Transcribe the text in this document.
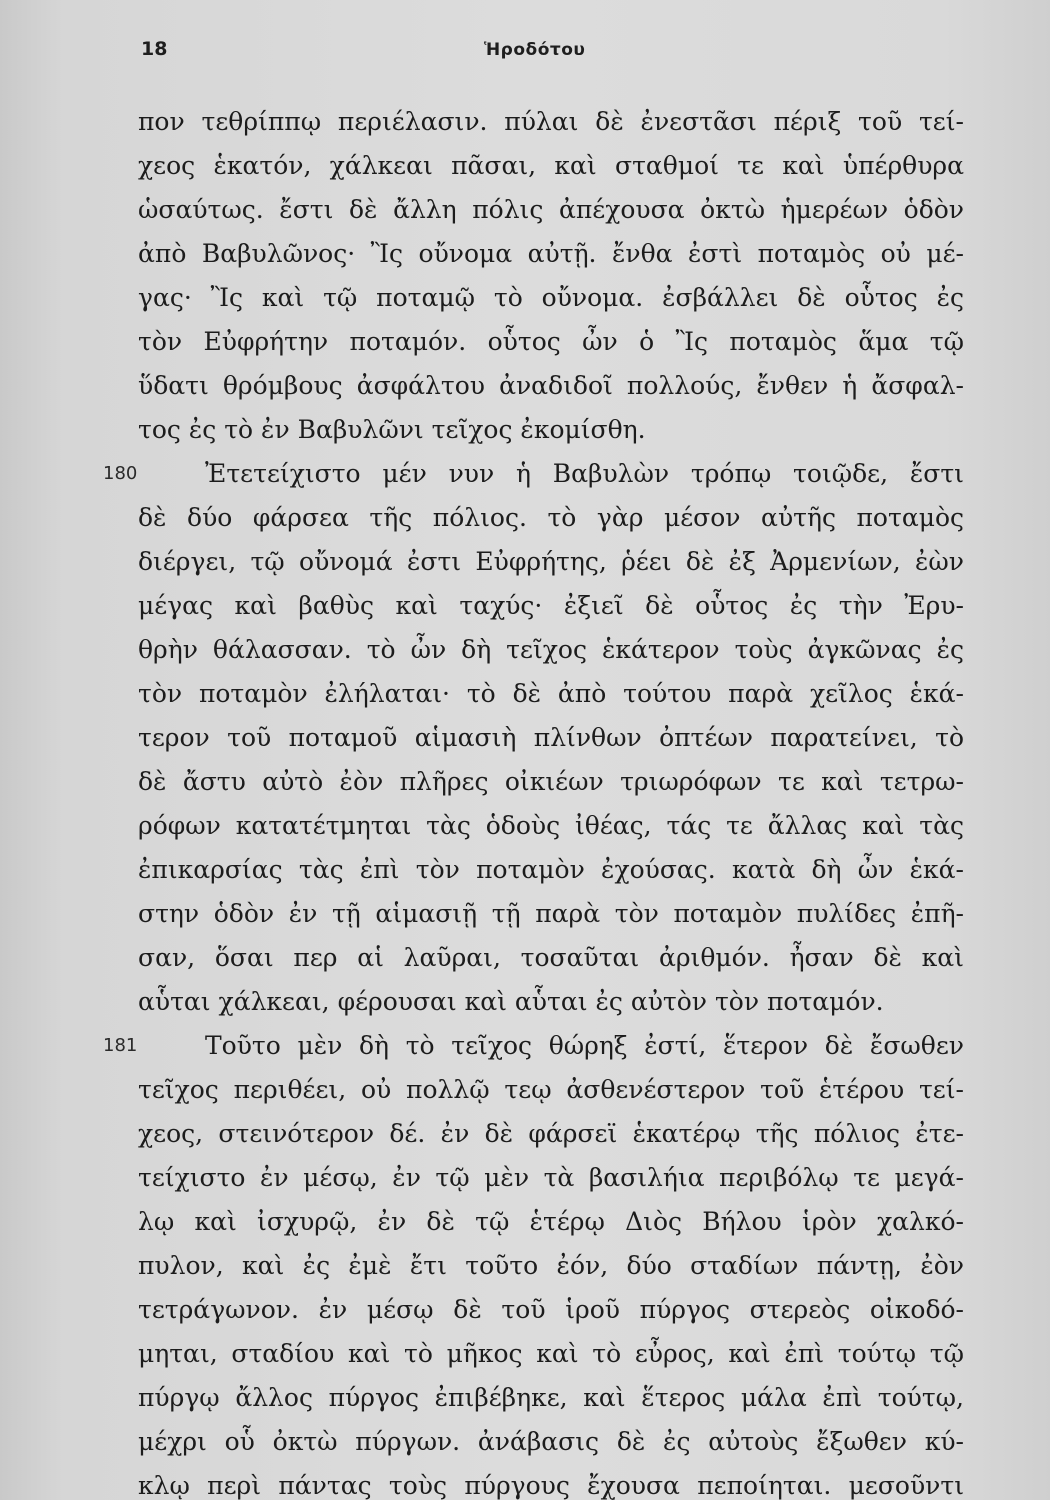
18	Ἡροδότου
πον τεθρίππῳ περιέλασιν. πύλαι δὲ ἐνεστᾶσι πέριξ τοῦ τεί-
χεος ἑκατόν, χάλκεαι πᾶσαι, καὶ σταθμοί τε καὶ ὑπέρθυρα
ὡσαύτως. ἔστι δὲ ἄλλη πόλις ἀπέχουσα ὀκτὼ ἡμερέων ὁδὸν
ἀπὸ Βαβυλῶνος· Ἲς οὔνομα αὐτῇ. ἔνθα ἐστὶ ποταμὸς οὐ μέ-
γας· Ἲς καὶ τῷ ποταμῷ τὸ οὔνομα. ἐσβάλλει δὲ οὗτος ἐς
τὸν Εὐφρήτην ποταμόν. οὗτος ὦν ὁ Ἲς ποταμὸς ἅμα τῷ
ὕδατι θρόμβους ἀσφάλτου ἀναδιδοῖ πολλούς, ἔνθεν ἡ ἄσφαλ-
τος ἐς τὸ ἐν Βαβυλῶνι τεῖχος ἐκομίσθη.
180	Ἐτετείχιστο μέν νυν ἡ Βαβυλὼν τρόπῳ τοιῷδε, ἔστι
δὲ δύο φάρσεα τῆς πόλιος. τὸ γὰρ μέσον αὐτῆς ποταμὸς
διέργει, τῷ οὔνομά ἐστι Εὐφρήτης, ῥέει δὲ ἐξ Ἀρμενίων, ἐὼν
μέγας καὶ βαθὺς καὶ ταχύς· ἐξιεῖ δὲ οὗτος ἐς τὴν Ἐρυ-
θρὴν θάλασσαν. τὸ ὦν δὴ τεῖχος ἑκάτερον τοὺς ἀγκῶνας ἐς
τὸν ποταμὸν ἐλήλαται· τὸ δὲ ἀπὸ τούτου παρὰ χεῖλος ἑκά-
τερον τοῦ ποταμοῦ αἱμασιὴ πλίνθων ὀπτέων παρατείνει, τὸ
δὲ ἄστυ αὐτὸ ἐὸν πλῆρες οἰκιέων τριωρόφων τε καὶ τετρω-
ρόφων κατατέτμηται τὰς ὁδοὺς ἰθέας, τάς τε ἄλλας καὶ τὰς
ἐπικαρσίας τὰς ἐπὶ τὸν ποταμὸν ἐχούσας. κατὰ δὴ ὦν ἑκά-
στην ὁδὸν ἐν τῇ αἱμασιῇ τῇ παρὰ τὸν ποταμὸν πυλίδες ἐπῆ-
σαν, ὅσαι περ αἱ λαῦραι, τοσαῦται ἀριθμόν. ἦσαν δὲ καὶ
αὗται χάλκεαι, φέρουσαι καὶ αὗται ἐς αὐτὸν τὸν ποταμόν.
181	Τοῦτο μὲν δὴ τὸ τεῖχος θώρηξ ἐστί, ἕτερον δὲ ἔσωθεν
τεῖχος περιθέει, οὐ πολλῷ τεῳ ἀσθενέστερον τοῦ ἑτέρου τεί-
χεος, στεινότερον δέ. ἐν δὲ φάρσεϊ ἑκατέρῳ τῆς πόλιος ἐτε-
τείχιστο ἐν μέσῳ, ἐν τῷ μὲν τὰ βασιλήια περιβόλῳ τε μεγά-
λῳ καὶ ἰσχυρῷ, ἐν δὲ τῷ ἑτέρῳ Διὸς Βήλου ἱρὸν χαλκό-
πυλον, καὶ ἐς ἐμὲ ἔτι τοῦτο ἐόν, δύο σταδίων πάντῃ, ἐὸν
τετράγωνον. ἐν μέσῳ δὲ τοῦ ἱροῦ πύργος στερεὸς οἰκοδό-
μηται, σταδίου καὶ τὸ μῆκος καὶ τὸ εὖρος, καὶ ἐπὶ τούτῳ τῷ
πύργῳ ἄλλος πύργος ἐπιβέβηκε, καὶ ἕτερος μάλα ἐπὶ τούτῳ,
μέχρι οὗ ὀκτὼ πύργων. ἀνάβασις δὲ ἐς αὐτοὺς ἔξωθεν κύ-
κλῳ περὶ πάντας τοὺς πύργους ἔχουσα πεποίηται. μεσοῦντι
